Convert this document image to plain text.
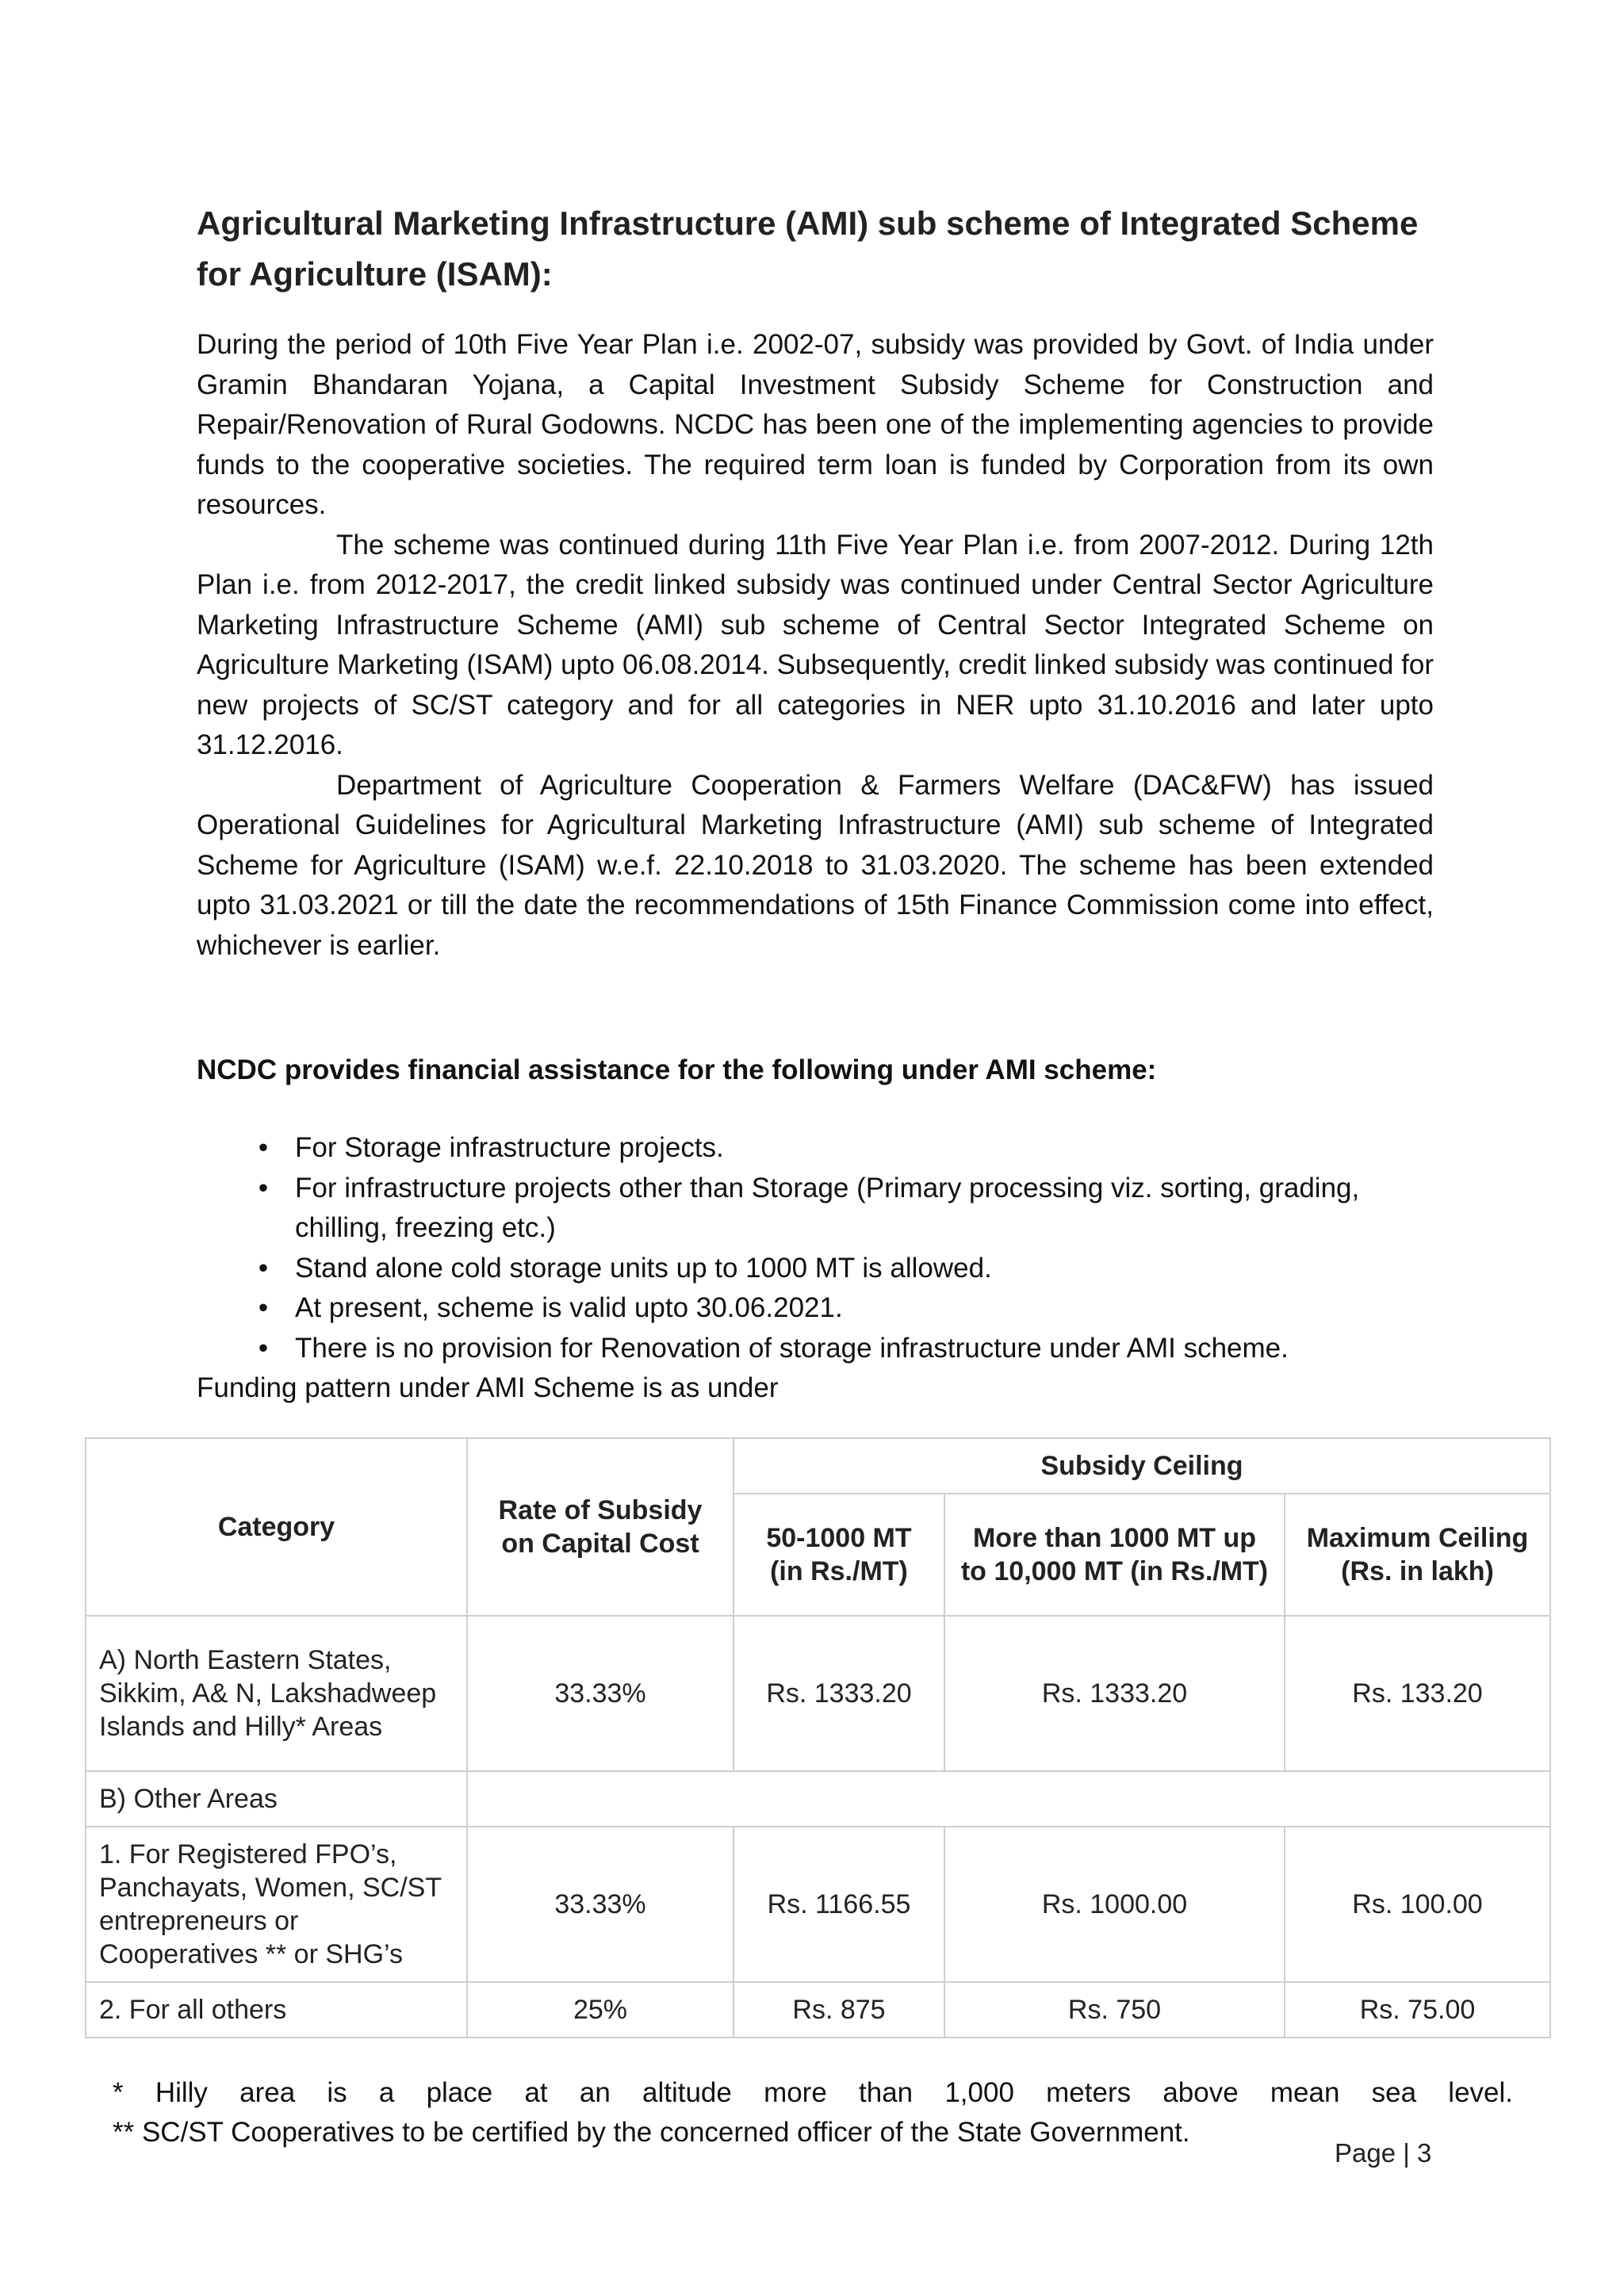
Agricultural Marketing Infrastructure (AMI) sub scheme of Integrated Scheme for Agriculture (ISAM):

During the period of 10th Five Year Plan i.e. 2002-07, subsidy was provided by Govt. of India under Gramin Bhandaran Yojana, a Capital Investment Subsidy Scheme for Construction and Repair/Renovation of Rural Godowns. NCDC has been one of the implementing agencies to provide funds to the cooperative societies. The required term loan is funded by Corporation from its own resources.

The scheme was continued during 11th Five Year Plan i.e. from 2007-2012. During 12th Plan i.e. from 2012-2017, the credit linked subsidy was continued under Central Sector Agriculture Marketing Infrastructure Scheme (AMI) sub scheme of Central Sector Integrated Scheme on Agriculture Marketing (ISAM) upto 06.08.2014. Subsequently, credit linked subsidy was continued for new projects of SC/ST category and for all categories in NER upto 31.10.2016 and later upto 31.12.2016.

Department of Agriculture Cooperation & Farmers Welfare (DAC&FW) has issued Operational Guidelines for Agricultural Marketing Infrastructure (AMI) sub scheme of Integrated Scheme for Agriculture (ISAM) w.e.f. 22.10.2018 to 31.03.2020. The scheme has been extended upto 31.03.2021 or till the date the recommendations of 15th Finance Commission come into effect, whichever is earlier.

NCDC provides financial assistance for the following under AMI scheme:
• For Storage infrastructure projects.
• For infrastructure projects other than Storage (Primary processing viz. sorting, grading, chilling, freezing etc.)
• Stand alone cold storage units up to 1000 MT is allowed.
• At present, scheme is valid upto 30.06.2021.
• There is no provision for Renovation of storage infrastructure under AMI scheme.
Funding pattern under AMI Scheme is as under
Category	Rate of Subsidy on Capital Cost	Subsidy Ceiling		
		50-1000 MT (in Rs./MT)	More than 1000 MT up to 10,000 MT (in Rs./MT)	Maximum Ceiling (Rs. in lakh)
A) North Eastern States, Sikkim, A& N, Lakshadweep Islands and Hilly* Areas	33.33%	Rs. 1333.20	Rs. 1333.20	Rs. 133.20
B) Other Areas				
1. For Registered FPO’s, Panchayats, Women, SC/ST entrepreneurs or Cooperatives ** or SHG’s	33.33%	Rs. 1166.55	Rs. 1000.00	Rs. 100.00
2. For all others	25%	Rs. 875	Rs. 750	Rs. 75.00
* Hilly area is a place at an altitude more than 1,000 meters above mean sea level.
** SC/ST Cooperatives to be certified by the concerned officer of the State Government.
Page | 3
